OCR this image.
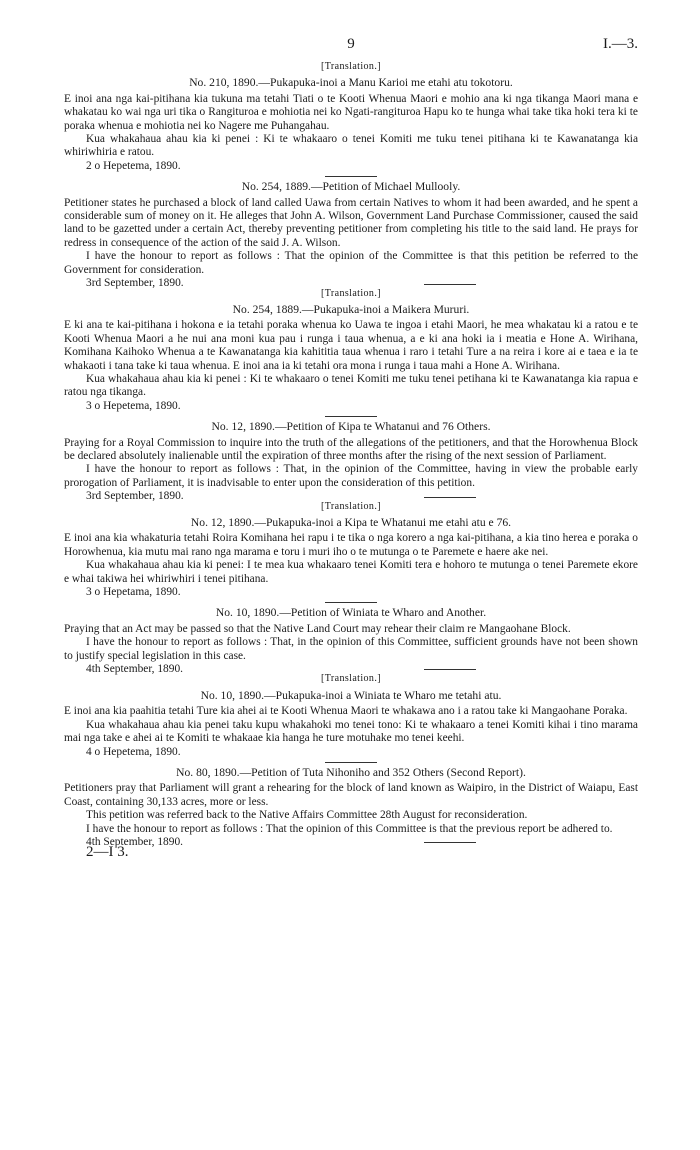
9	I.—3.
[Translation.]
No. 210, 1890.—Pukapuka-inoi a Manu Karioi me etahi atu tokotoru.

E inoi ana nga kai-pitihana kia tukuna ma tetahi Tiati o te Kooti Whenua Maori e mohio ana ki nga tikanga Maori mana e whakatau ko wai nga uri tika o Rangituroa e mohiotia nei ko Ngati-rangituroa Hapu ko te hunga whai take tika hoki tera ki te poraka whenua e mohiotia nei ko Nagere me Puhangahau.

Kua whakahaua ahau kia ki penei : Ki te whakaaro o tenei Komiti me tuku tenei pitihana ki te Kawanatanga kia whiriwhiria e ratou.

2 o Hepetema, 1890.
No. 254, 1889.—Petition of Michael Mullooly.

Petitioner states he purchased a block of land called Uawa from certain Natives to whom it had been awarded, and he spent a considerable sum of money on it. He alleges that John A. Wilson, Government Land Purchase Commissioner, caused the said land to be gazetted under a certain Act, thereby preventing petitioner from completing his title to the said land. He prays for redress in consequence of the action of the said J. A. Wilson.

I have the honour to report as follows : That the opinion of the Committee is that this petition be referred to the Government for consideration.

3rd September, 1890.
[Translation.]
No. 254, 1889.—Pukapuka-inoi a Maikera Mururi.

E ki ana te kai-pitihana i hokona e ia tetahi poraka whenua ko Uawa te ingoa i etahi Maori, he mea whakatau ki a ratou e te Kooti Whenua Maori a he nui ana moni kua pau i runga i taua whenua, a e ki ana hoki ia i meatia e Hone A. Wirihana, Komihana Kaihoko Whenua a te Kawanatanga kia kahititia taua whenua i raro i tetahi Ture a na reira i kore ai e taea e ia te whakaoti i tana take ki taua whenua. E inoi ana ia ki tetahi ora mona i runga i taua mahi a Hone A. Wirihana.

Kua whakahaua ahau kia ki penei : Ki te whakaaro o tenei Komiti me tuku tenei petihana ki te Kawanatanga kia rapua e ratou nga tikanga.

3 o Hepetema, 1890.
No. 12, 1890.—Petition of Kipa te Whatanui and 76 Others.

Praying for a Royal Commission to inquire into the truth of the allegations of the petitioners, and that the Horowhenua Block be declared absolutely inalienable until the expiration of three months after the rising of the next session of Parliament.

I have the honour to report as follows : That, in the opinion of the Committee, having in view the probable early prorogation of Parliament, it is inadvisable to enter upon the consideration of this petition.

3rd September, 1890.
[Translation.]
No. 12, 1890.—Pukapuka-inoi a Kipa te Whatanui me etahi atu e 76.

E inoi ana kia whakaturia tetahi Roira Komihana hei rapu i te tika o nga korero a nga kai-pitihana, a kia tino herea e poraka o Horowhenua, kia mutu mai rano nga marama e toru i muri iho o te mutunga o te Paremete e haere ake nei.

Kua whakahaua ahau kia ki penei: I te mea kua whakaaro tenei Komiti tera e hohoro te mutunga o tenei Paremete ekore e whai takiwa hei whiriwhiri i tenei pitihana.

3 o Hepetama, 1890.
No. 10, 1890.—Petition of Winiata te Wharo and Another.

Praying that an Act may be passed so that the Native Land Court may rehear their claim re Mangaohane Block.

I have the honour to report as follows : That, in the opinion of this Committee, sufficient grounds have not been shown to justify special legislation in this case.

4th September, 1890.
[Translation.]
No. 10, 1890.—Pukapuka-inoi a Winiata te Wharo me tetahi atu.

E inoi ana kia paahitia tetahi Ture kia ahei ai te Kooti Whenua Maori te whakawa ano i a ratou take ki Mangaohane Poraka.

Kua whakahaua ahau kia penei taku kupu whakahoki mo tenei tono: Ki te whakaaro a tenei Komiti kihai i tino marama mai nga take e ahei ai te Komiti te whakaae kia hanga he ture motuhake mo tenei keehi.

4 o Hepetema, 1890.
No. 80, 1890.—Petition of Tuta Nihoniho and 352 Others (Second Report).

Petitioners pray that Parliament will grant a rehearing for the block of land known as Waipiro, in the District of Waiapu, East Coast, containing 30,133 acres, more or less.

This petition was referred back to the Native Affairs Committee 28th August for reconsideration.

I have the honour to report as follows : That the opinion of this Committee is that the previous report be adhered to.

4th September, 1890.
2—I 3.
